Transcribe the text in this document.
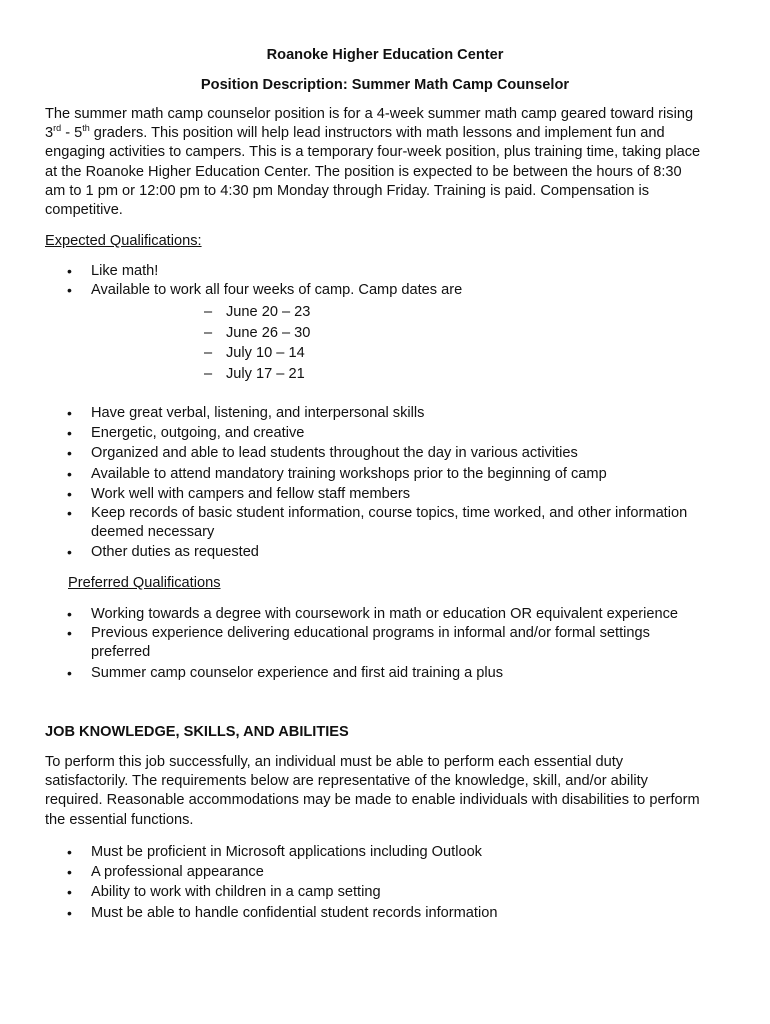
Roanoke Higher Education Center
Position Description: Summer Math Camp Counselor
The summer math camp counselor position is for a 4-week summer math camp geared toward rising
3rd - 5th graders. This position will help lead instructors with math lessons and implement fun and
engaging activities to campers. This is a temporary four-week position, plus training time, taking place
at the Roanoke Higher Education Center. The position is expected to be between the hours of 8:30
am to 1 pm or 12:00 pm to 4:30 pm Monday through Friday. Training is paid. Compensation is
competitive.
Expected Qualifications:
• Like math!
• Available to work all four weeks of camp. Camp dates are
– June 20 – 23
– June 26 – 30
– July 10 – 14
– July 17 – 21
• Have great verbal, listening, and interpersonal skills
• Energetic, outgoing, and creative
• Organized and able to lead students throughout the day in various activities
• Available to attend mandatory training workshops prior to the beginning of camp
• Work well with campers and fellow staff members
• Keep records of basic student information, course topics, time worked, and other information
deemed necessary
• Other duties as requested
Preferred Qualifications
• Working towards a degree with coursework in math or education OR equivalent experience
• Previous experience delivering educational programs in informal and/or formal settings
preferred
• Summer camp counselor experience and first aid training a plus
JOB KNOWLEDGE, SKILLS, AND ABILITIES
To perform this job successfully, an individual must be able to perform each essential duty
satisfactorily. The requirements below are representative of the knowledge, skill, and/or ability
required. Reasonable accommodations may be made to enable individuals with disabilities to perform
the essential functions.
• Must be proficient in Microsoft applications including Outlook
• A professional appearance
• Ability to work with children in a camp setting
• Must be able to handle confidential student records information
